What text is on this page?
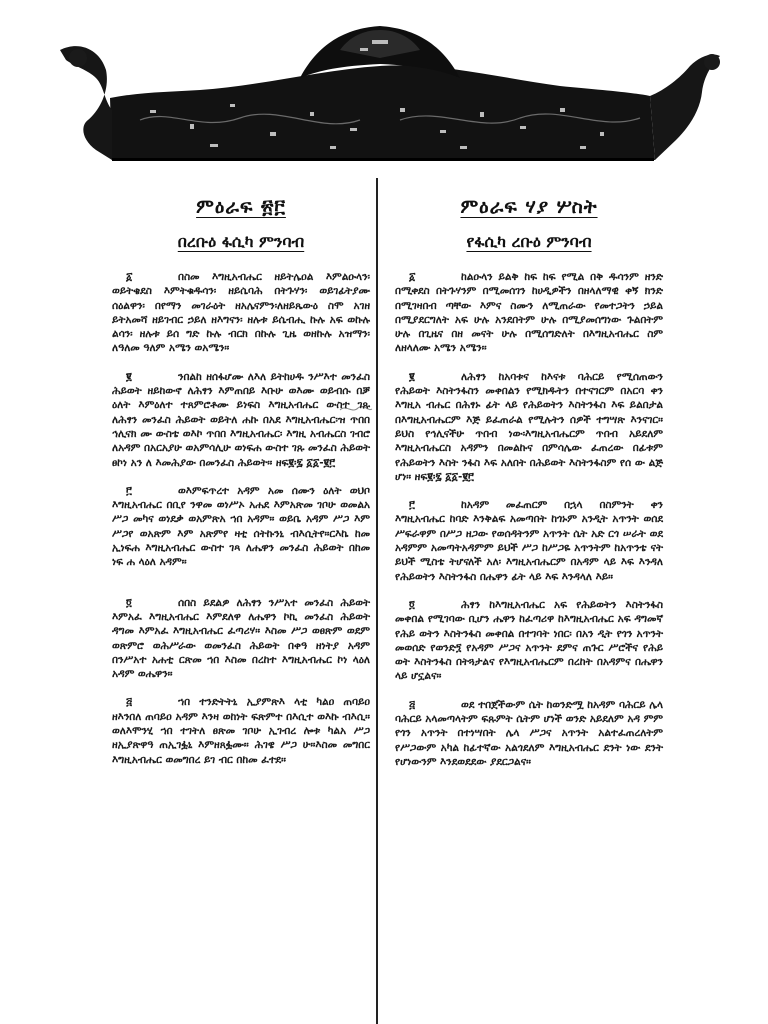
ምዕራፍ ፳፫
በረቡዕ ፋሲካ ምንባብ

፩	በስመ እግዚአብሔር ዘይትሌዐል እምልዑላን፡ ወይትቄደስ እምትቁዱሳን፡ ዘይሴባሕ በትጉሃን፡ ወይገፊትያሙ ሰዕልዋን፡ በየማን መገራዕት ዘአሌናምን፡ለዘይጼውዕ ስሞ አገዘ ይትአመሻ ዘይገብር ኃይለ ዘእግናን፡ ዘሉቱ ይሴብሒ ኩሉ አፍ ወኩሉ ልሳን፡ ዘሉቱ ይሰ ግድ ኩሉ ብርክ በኩሉ ጊዜ ወዘኩሉ አዝማን፡ ለዓለመ ዓለም አሜን ወአሜን።

፪	ንበልከ ዘሰፋሆሙ ለእለ ይትከሀዱ ንሥእተ መንፈስ ሕይወት ዘይከውኖ ለሕፃን እምጠበይ እቡሁ ወእሙ ወይብሱ በቓ ዕለት እምዕለተ ተጸምሮቶሙ ይነፍስ እግዚአብሔር ውስተ ገጹ ለሕፃን መንፈስ ሕይወት ወይትለ ሐኩ በአደ እግዚአብሔር፡ዝ ጥበበ ኅሊናክ ሙ ውስቴ ወእኮ ጥበበ እግዚአብሔር፡ እግዚ አብሔርስ ገብሮ ለአዳም በአርአያሁ ወአምሳሊሁ ወነፍሐ ውስተ ገጹ መንፈስ ሕይወት ፀኮነ አን ለ እመሕያው በመንፈስ ሕይወት። ዘፍ፪፡፯ ፩፩-፪፫

፫	ወእምፍጥረተ አዳም አመ ሰሙን ዕለት ወህቦ እግዚአብሔር በቢየ ንዋመ ወነሥኦ አሐደ እምአጽመ ገቦሁ ወመልአ ሥጋ መካና ወነደቃ ወአምጽአ ኀበ አዳም። ወይቤ አዳም ሥጋ እም ሥጋየ ወአጽም እም አጽምየ ዛቲ ሰትኩንኒ ብእሲትየ።ርእኬ ከመ ኢነፍሐ እግዚአብሔር ውስተ ገጻ ለሔዋን መንፈስ ሕይወት በከመ ነፍ ሐ ላዕለ አዳም።

፬	ሰበስ ይደልዎ ለሕፃን ንሥአተ መንፈስ ሕይወት እምአፈ እግዚአብሔር እምደለዋ ለሔዋን ኮኪ መንፈስ ሕይወት ዳግመ እምአፈ እግዚአብሔር ፈጣሪሃ። እስመ ሥጋ ወፀጽም ወደም ወጽምሮ ወሕሥራው ወመንፈስ ሕይወት በቀዓ ዘነትያ አዳም በንሥአተ አሐቲ ርጽመ ኀበ እስመ በረከተ እግዚአብሔር ኮነ ላዕለ አዳም ወሔዋን።

፭	ኀበ ተንድትትኒ ኢያምጽእ ላቲ ካልዐ ጠባይዐ ዘእንበለ ጠባይዐ አዳም እንዛ ወከነት ፍጽምተ በእሲተ ወእኩ ብእሲ። ወለእሞንሂ ኀበ ተገትለ ፀጽመ ገቦሁ ኢገብረ ሎቱ ካልአ ሥጋ ዘኢያጽዋዓ ጠኢገፏኒ እምዘጸፏሙ። ሕገዌ ሥጋ ሁ።እስመ መግበር እግዚአብሔር ወመግበረ ይገ ብር በከመ ፈተደ።

ምዕራፍ ሃያ ሦስት
የፋሲካ ረቡዕ ምንባብ

፩	ከልዑላን ይልቅ ከፍ ከፍ የሚል በቅ ዱሳንም ዘንድ በሚቀደስ በትጉሃንም በሚመሰገን ከሀዲዎችን በዘላለማዊ ቀኝ ክንድ በሚገዛበብ ጣቸው እምና ስሙን ለሚጠራው የመተጋትን ኃይል በሚያደርግለት አፍ ሁሉ አንደበትም ሁሉ በሚያመሰግነው ጉልበትም ሁሉ በጊዜና በዘ መናት ሁሉ በሚሰግድለት በእግዚአብሔር ስም ለዘላለሙ አሜን አሜን።

፪	ለሕፃን ከአባቱና ከእናቱ ባሕርይ የሚሰጠውን የሕይወት እስትንፋስን መቀበልን የሚክዱትን በተናገርም በአርባ ቀን እግዚአ ብሔር በሕፃኑ ፊት ላይ የሕይወትን እስትንፋስ እፍ ይልበታል በእግዚአብሔርም እጅ ይፈጠራል የሚሉትን ሰዎች ተግሣጽ እንናገር። ይህስ የኅሊናችሁ ጥበብ ነው፡እግዚአብሔርም ጥበብ አይደለም እግዚአብሔርስ አዳምን በመልኩና በምሳሌው ፈጠረው በፊቱም የሕይወትን እስት ንፋስ እፍ አለበት በሕይወት እስትንፋስም የሰ ው ልጅ ሆነ። ዘፍ፪፡፯ ፩፩-፪፫

፫	ከአዳም መፈጠርም በኋላ በስምንት ቀን እግዚአብሔር ከባድ እንቅልፍ አመጣበት ከጎኑም አንዲት አጥንት ወሰደ ሥፍራዋም በሥጋ ዘጋው የወሰዳትንም አጥንት ሴት አድ ርጎ ሠራት ወደ አዳምም አመጣትአዳምም ይህች ሥጋ ከሥጋዬ አጥንትም ከአጥንቴ ናት ይህች ሚስቴ ትሆናለች አለ፡ እግዚአብሔርም በአዳም ላይ እፍ እንዳለ የሕይወትን እስትንፋስ በሔዋን ፊት ላይ እፍ እንዳላለ እይ።

፬	ሕፃን ከእግዚአብሔር አፍ የሕይወትን እስትንፋስ መቀበል የሚገባው ቢሆን ሔዋን ከፈጣሪዋ ከእግዚአብሔር አፍ ዳግመኛ የሕይ ወትን እስትንፋስ መቀበል በተገባት ነበር፡ በአን ዲት የጎን አጥንት መወሰድ የወንድ፺ የአዳም ሥጋና አጥንት ደምና ጠጉር ሥሮችና የሕይ ወት እስትንፋስ በትጓታልና የእግዚአብሔርም በረከት በአዳምና በሔዋን ላይ ሆኗልና።

፭	ወደ ተበጀችውም ሴት ከወንድሟ ከአዳም ባሕርይ ሌላ ባሕርይ አላመጣላትም ፍጹምት ሴትም ሆነች ወንድ አይደለም አዳ ምም የጎን አጥንት በተነሣበት ሌላ ሥጋና አጥንት አልተፈጠረለትም የሥጋውም አካል ከፊተኛው አልጎደለም እግዚአብሔር ደንት ነው ደንት የሆነውንም እንደወደደው ያደርጋልና።
